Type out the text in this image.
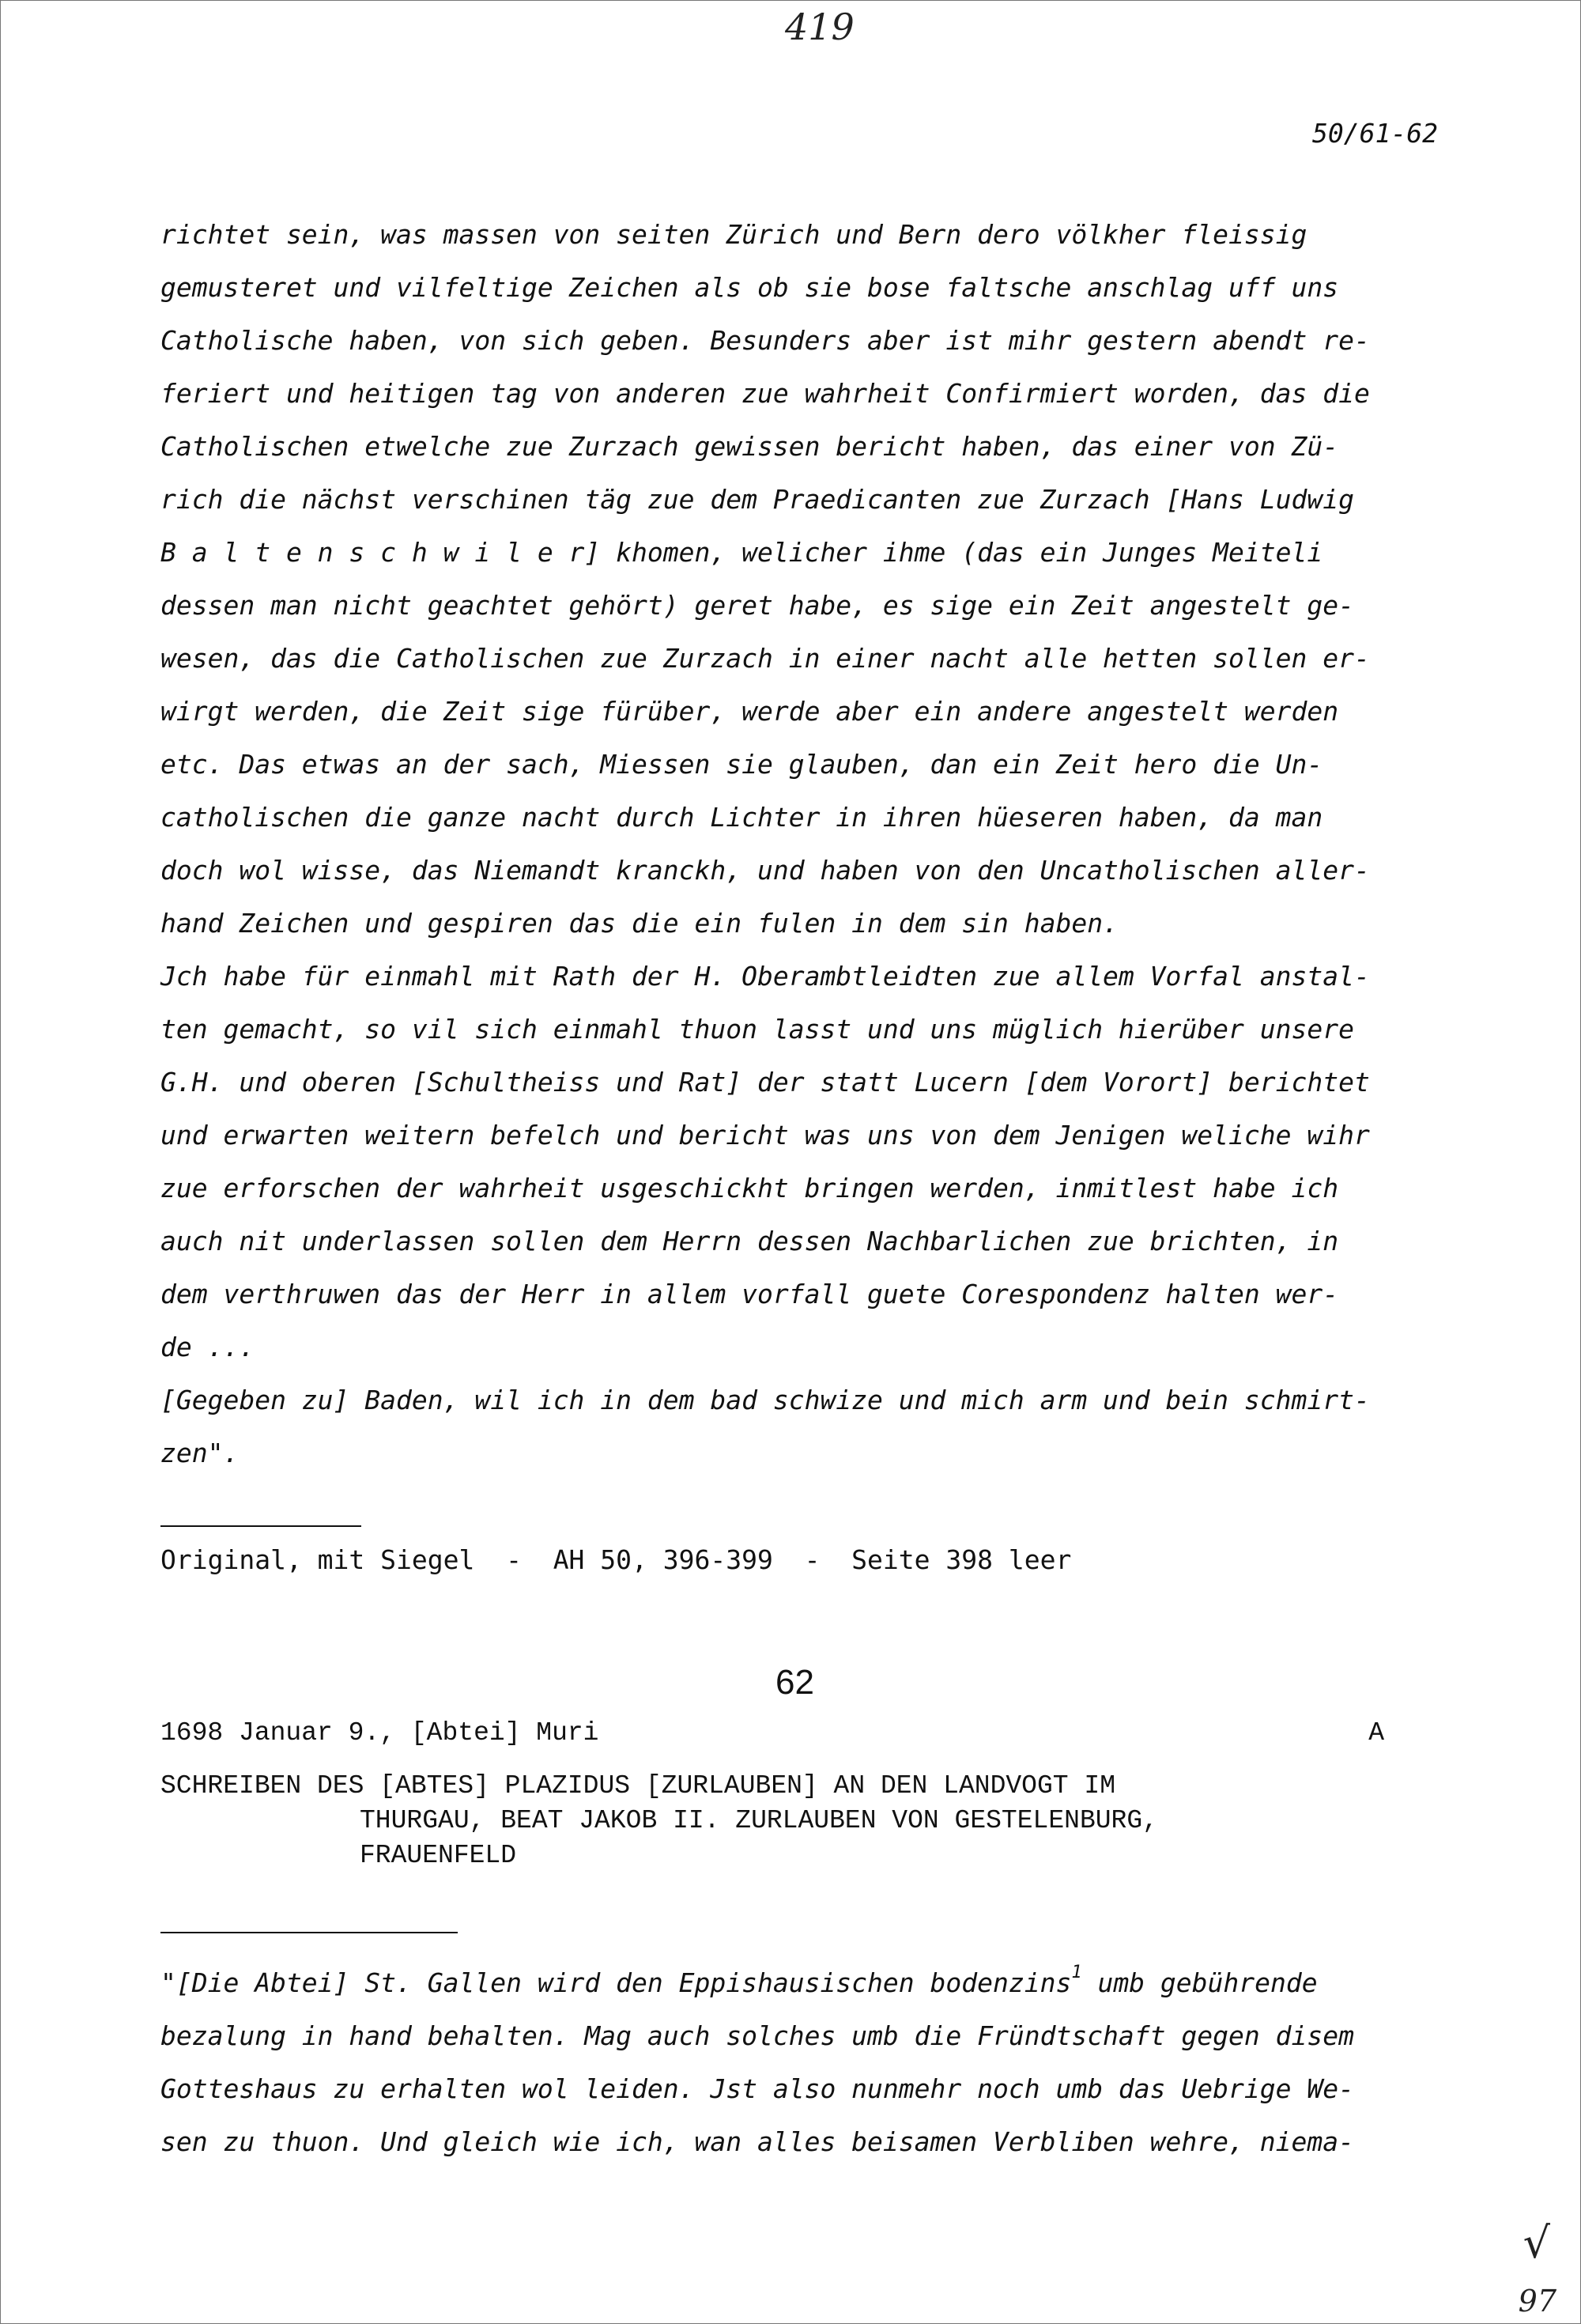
419
50/61-62
richtet sein, was massen von seiten Zürich und Bern dero völkher fleissig
gemusteret und vilfeltige Zeichen als ob sie bose faltsche anschlag uff uns
Catholische haben, von sich geben. Besunders aber ist mihr gestern abendt re-
feriert und heitigen tag von anderen zue wahrheit Confirmiert worden, das die
Catholischen etwelche zue Zurzach gewissen bericht haben, das einer von Zü-
rich die nächst verschinen täg zue dem Praedicanten zue Zurzach [Hans Ludwig
B a l t e n s c h w i l e r] khomen, welicher ihme (das ein Junges Meiteli
dessen man nicht geachtet gehört) geret habe, es sige ein Zeit angestelt ge-
wesen, das die Catholischen zue Zurzach in einer nacht alle hetten sollen er-
wirgt werden, die Zeit sige fürüber, werde aber ein andere angestelt werden
etc. Das etwas an der sach, Miessen sie glauben, dan ein Zeit hero die Un-
catholischen die ganze nacht durch Lichter in ihren hüeseren haben, da man
doch wol wisse, das Niemandt kranckh, und haben von den Uncatholischen aller-
hand Zeichen und gespiren das die ein fulen in dem sin haben.
Jch habe für einmahl mit Rath der H. Oberambtleidten zue allem Vorfal anstal-
ten gemacht, so vil sich einmahl thuon lasst und uns müglich hierüber unsere
G.H. und oberen [Schultheiss und Rat] der statt Lucern [dem Vorort] berichtet
und erwarten weitern befelch und bericht was uns von dem Jenigen weliche wihr
zue erforschen der wahrheit usgeschickht bringen werden, inmitlest habe ich
auch nit underlassen sollen dem Herrn dessen Nachbarlichen zue brichten, in
dem verthruwen das der Herr in allem vorfall guete Corespondenz halten wer-
de ...
[Gegeben zu] Baden, wil ich in dem bad schwize und mich arm und bein schmirt-
zen".
Original, mit Siegel  -  AH 50, 396-399  -  Seite 398 leer
62
1698 Januar 9., [Abtei] Muri	A
SCHREIBEN DES [ABTES] PLAZIDUS [ZURLAUBEN] AN DEN LANDVOGT IM
THURGAU, BEAT JAKOB II. ZURLAUBEN VON GESTELENBURG,
FRAUENFELD
"[Die Abtei] St. Gallen wird den Eppishausischen bodenzins$^1$ umb gebührende
bezalung in hand behalten. Mag auch solches umb die Fründtschaft gegen disem
Gotteshaus zu erhalten wol leiden. Jst also nunmehr noch umb das Uebrige We-
sen zu thuon. Und gleich wie ich, wan alles beisamen Verbliben wehre, niema-
√
97
